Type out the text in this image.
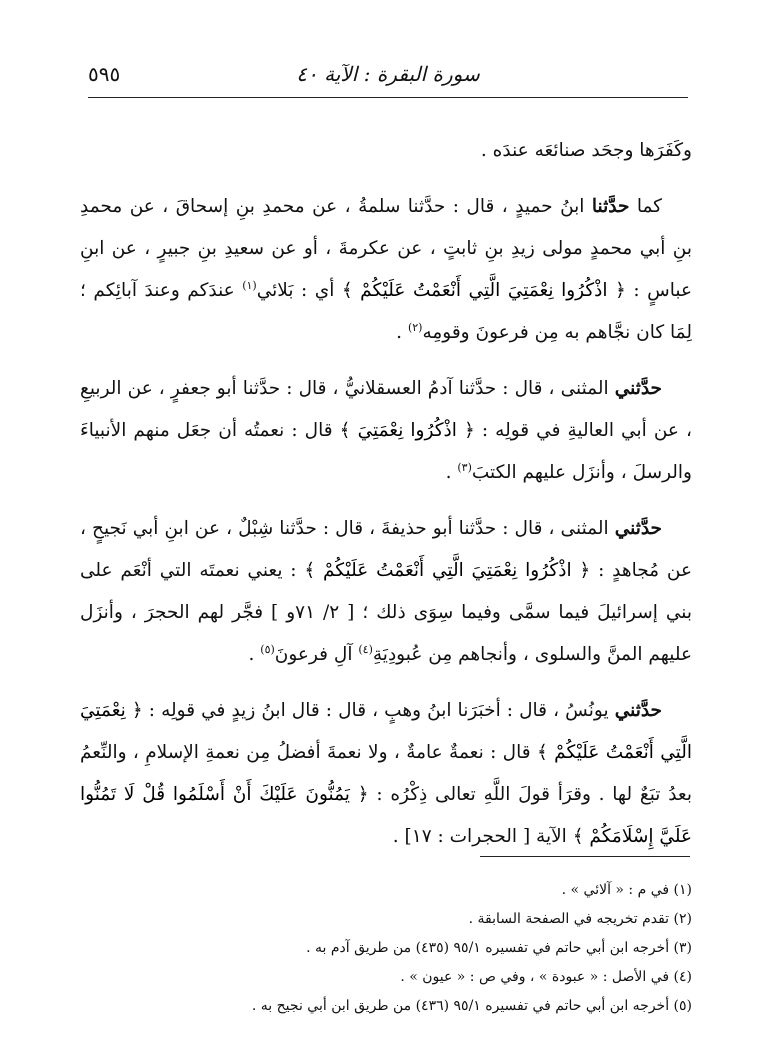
سورة البقرة : الآية ٤٠
٥٩٥

وكَفَرَها وجحَد صنائعَه عندَه .

كما حدَّثنا ابنُ حميدٍ ، قال : حدَّثنا سلمةُ ، عن محمدِ بنِ إسحاقَ ، عن محمدِ بنِ أبي محمدٍ مولى زيدِ بنِ ثابتٍ ، عن عكرمةَ ، أو عن سعيدِ بنِ جبيرٍ ، عن ابنِ عباسٍ : ﴿ اذْكُرُوا نِعْمَتِيَ الَّتِي أَنْعَمْتُ عَلَيْكُمْ ﴾ أي : بَلائي$^{(١)}$ عندَكم وعندَ آبائِكم ؛ لِمَا كان نجَّاهم به مِن فرعونَ وقومِه$^{(٢)}$ .

حدَّثني المثنى ، قال : حدَّثنا آدمُ العسقلانيُّ ، قال : حدَّثنا أبو جعفرٍ ، عن الربيعِ ، عن أبي العاليةِ في قولِه : ﴿ اذْكُرُوا نِعْمَتِيَ ﴾ قال : نعمتُه أن جعَل منهم الأنبياءَ والرسلَ ، وأنزَل عليهم الكتبَ$^{(٣)}$ .

حدَّثني المثنى ، قال : حدَّثنا أبو حذيفةَ ، قال : حدَّثنا شِبْلٌ ، عن ابنِ أبي نَجيحٍ ، عن مُجاهدٍ : ﴿ اذْكُرُوا نِعْمَتِيَ الَّتِي أَنْعَمْتُ عَلَيْكُمْ ﴾ : يعني نعمتَه التي أنْعَم على بني إسرائيلَ فيما سمَّى وفيما سِوَى ذلك ؛ [ ٢/ ٧١و ] فجَّر لهم الحجرَ ، وأنزَل عليهم المنَّ والسلوى ، وأنجاهم مِن عُبودِيَةِ$^{(٤)}$ آلِ فرعونَ$^{(٥)}$ .

حدَّثني يونُسُ ، قال : أخبَرَنا ابنُ وهبٍ ، قال : قال ابنُ زيدٍ في قولِه : ﴿ نِعْمَتِيَ الَّتِي أَنْعَمْتُ عَلَيْكُمْ ﴾ قال : نعمةٌ عامةٌ ، ولا نعمةَ أفضلُ مِن نعمةِ الإسلامِ ، والنِّعمُ بعدُ تبَعٌ لها . وقرَأ قولَ اللَّهِ تعالى ذِكْرُه : ﴿ يَمُنُّونَ عَلَيْكَ أَنْ أَسْلَمُوا قُلْ لَا تَمُنُّوا عَلَيَّ إِسْلَامَكُمْ ﴾ الآية [ الحجرات : ١٧] .

(١) في م : « آلائي » .
(٢) تقدم تخريجه في الصفحة السابقة .
(٣) أخرجه ابن أبي حاتم في تفسيره ٩٥/١ (٤٣٥) من طريق آدم به .
(٤) في الأصل : « عبودة » ، وفي ص : « عيون » .
(٥) أخرجه ابن أبي حاتم في تفسيره ٩٥/١ (٤٣٦) من طريق ابن أبي نجيح به .
